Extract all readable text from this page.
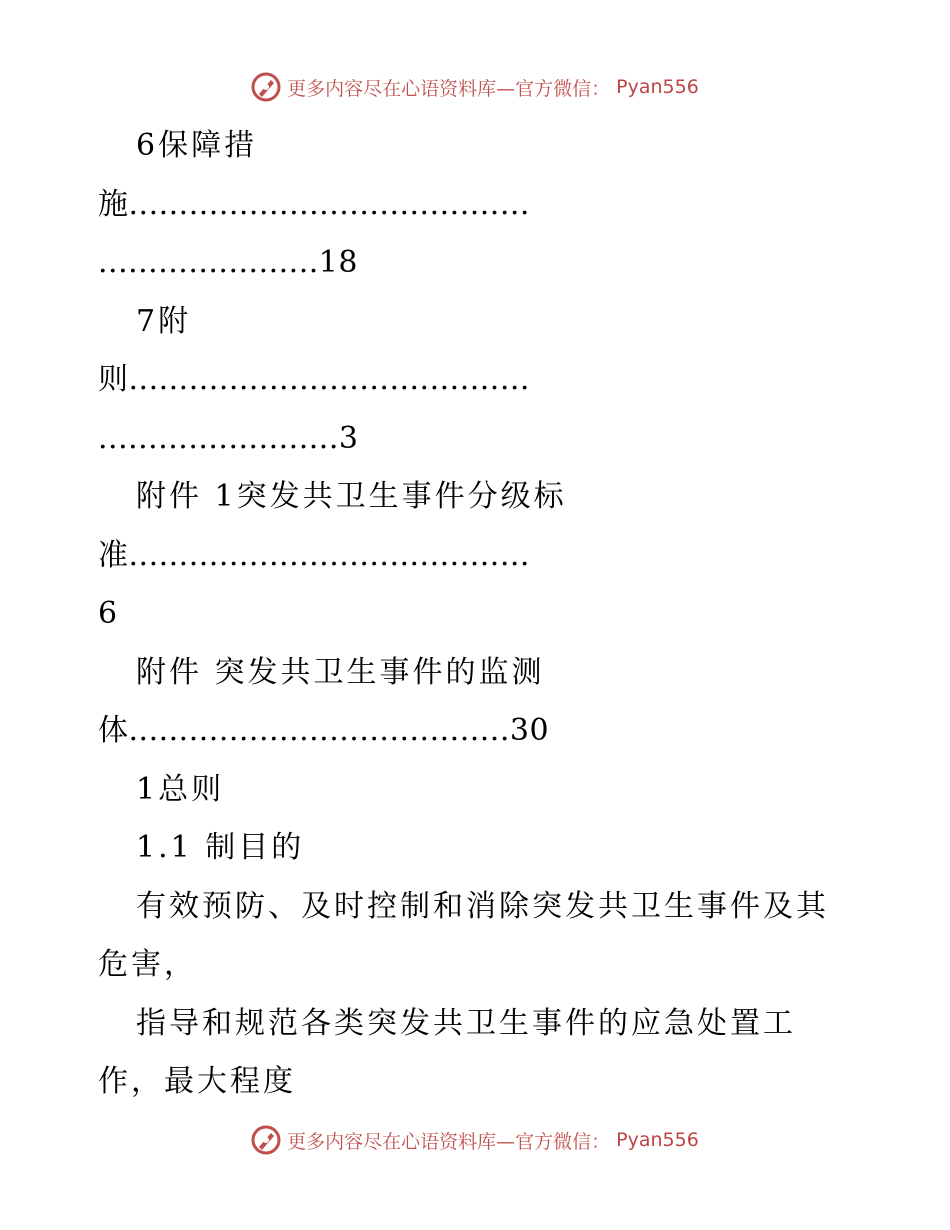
更多内容尽在心语资料库—官方微信： Pyan556
6保障措
施........................................
......................18
7附
则........................................
........................3
附件 1突发共卫生事件分级标
准........................................
6
附件 突发共卫生事件的监测
体......................................30
1总则
1.1 制目的
有效预防、及时控制和消除突发共卫生事件及其
危害，
指导和规范各类突发共卫生事件的应急处置工
作，最大程度
更多内容尽在心语资料库—官方微信： Pyan556
